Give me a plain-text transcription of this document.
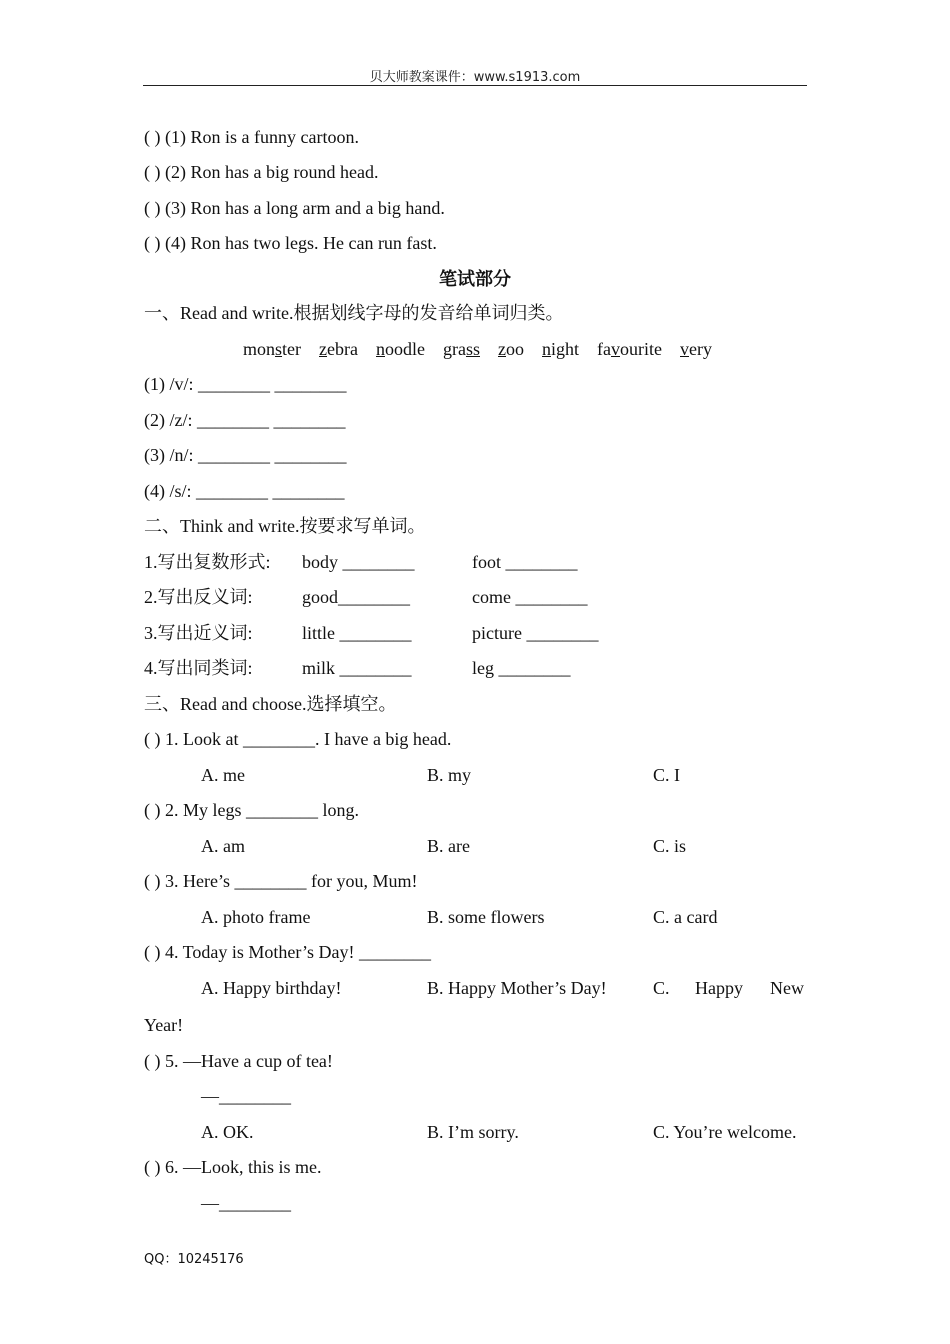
贝大师教案课件：www.s1913.com
( ) (1) Ron is a funny cartoon.
( ) (2) Ron has a big round head.
( ) (3) Ron has a long arm and a big hand.
( ) (4) Ron has two legs. He can run fast.
笔试部分
一、Read and write.根据划线字母的发音给单词归类。
monster zebra noodle grass zoo night favourite very
(1) /v/: ________ ________
(2) /z/: ________ ________
(3) /n/: ________ ________
(4) /s/: ________ ________
二、Think and write.按要求写单词。
1.写出复数形式: body ________	foot ________
2.写出反义词:	good________	come ________
3.写出近义词:	little ________	picture ________
4.写出同类词:	milk ________	leg ________
三、Read and choose.选择填空。
( ) 1. Look at ________. I have a big head.
A. me	B. my	C. I
( ) 2. My legs ________ long.
A. am	B. are	C. is
( ) 3. Here’s ________ for you, Mum!
A. photo frame	B. some flowers	C. a card
( ) 4. Today is Mother’s Day! ________
A. Happy birthday!	B. Happy Mother’s Day!	C. Happy New
Year!
( ) 5. —Have a cup of tea!
—________
A. OK.	B. I’m sorry.	C. You’re welcome.
( ) 6. —Look, this is me.
—________
QQ：10245176
